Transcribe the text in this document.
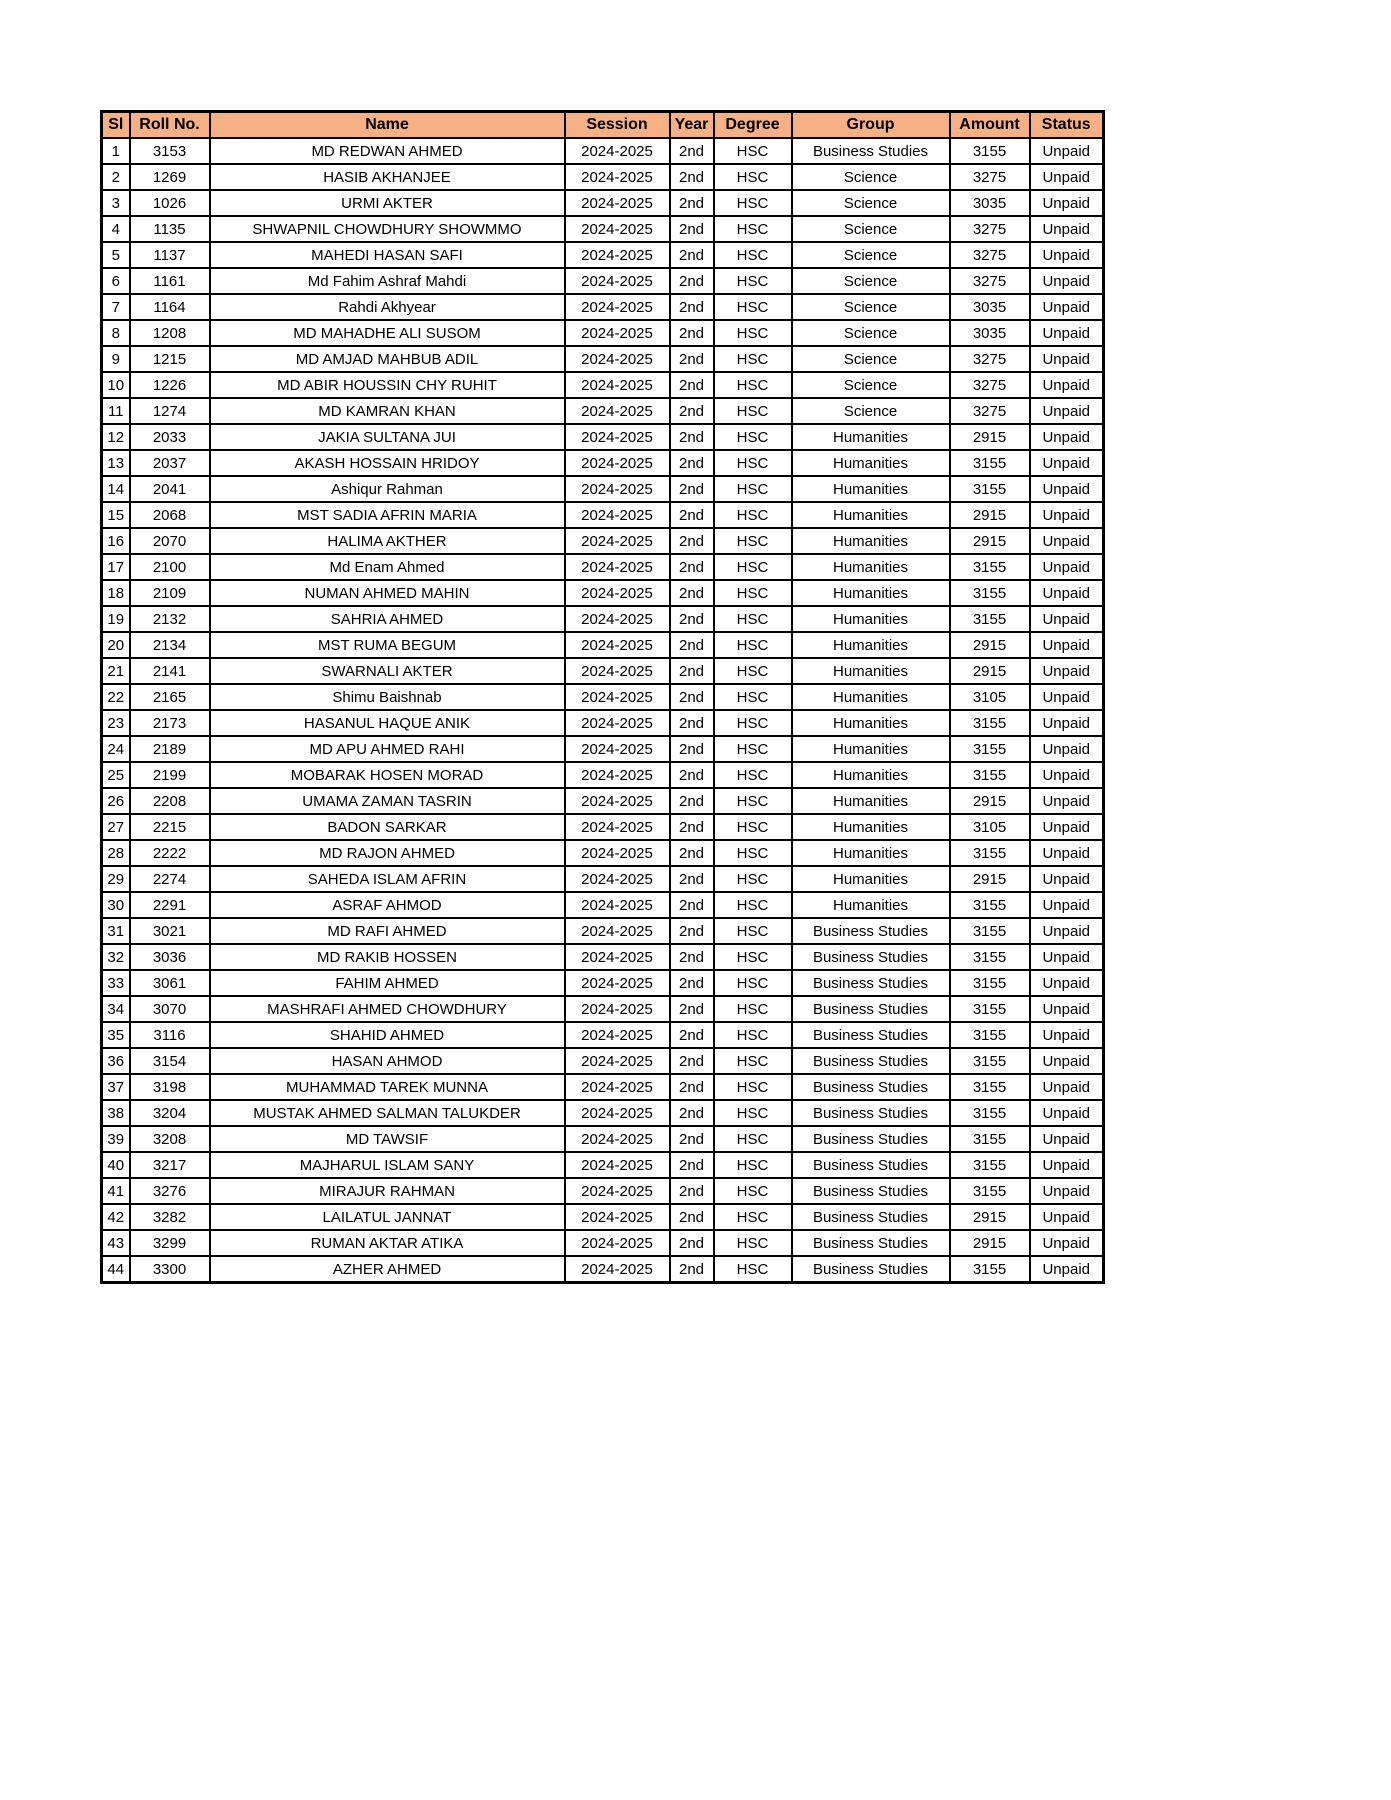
Sl	Roll No.	Name	Session	Year	Degree	Group	Amount	Status
1	3153	MD REDWAN AHMED	2024-2025	2nd	HSC	Business Studies	3155	Unpaid
2	1269	HASIB AKHANJEE	2024-2025	2nd	HSC	Science	3275	Unpaid
3	1026	URMI AKTER	2024-2025	2nd	HSC	Science	3035	Unpaid
4	1135	SHWAPNIL CHOWDHURY SHOWMMO	2024-2025	2nd	HSC	Science	3275	Unpaid
5	1137	MAHEDI HASAN SAFI	2024-2025	2nd	HSC	Science	3275	Unpaid
6	1161	Md Fahim Ashraf Mahdi	2024-2025	2nd	HSC	Science	3275	Unpaid
7	1164	Rahdi Akhyear	2024-2025	2nd	HSC	Science	3035	Unpaid
8	1208	MD MAHADHE ALI SUSOM	2024-2025	2nd	HSC	Science	3035	Unpaid
9	1215	MD AMJAD MAHBUB ADIL	2024-2025	2nd	HSC	Science	3275	Unpaid
10	1226	MD ABIR HOUSSIN CHY RUHIT	2024-2025	2nd	HSC	Science	3275	Unpaid
11	1274	MD KAMRAN KHAN	2024-2025	2nd	HSC	Science	3275	Unpaid
12	2033	JAKIA SULTANA JUI	2024-2025	2nd	HSC	Humanities	2915	Unpaid
13	2037	AKASH HOSSAIN HRIDOY	2024-2025	2nd	HSC	Humanities	3155	Unpaid
14	2041	Ashiqur Rahman	2024-2025	2nd	HSC	Humanities	3155	Unpaid
15	2068	MST SADIA AFRIN MARIA	2024-2025	2nd	HSC	Humanities	2915	Unpaid
16	2070	HALIMA AKTHER	2024-2025	2nd	HSC	Humanities	2915	Unpaid
17	2100	Md Enam Ahmed	2024-2025	2nd	HSC	Humanities	3155	Unpaid
18	2109	NUMAN AHMED MAHIN	2024-2025	2nd	HSC	Humanities	3155	Unpaid
19	2132	SAHRIA AHMED	2024-2025	2nd	HSC	Humanities	3155	Unpaid
20	2134	MST RUMA BEGUM	2024-2025	2nd	HSC	Humanities	2915	Unpaid
21	2141	SWARNALI AKTER	2024-2025	2nd	HSC	Humanities	2915	Unpaid
22	2165	Shimu Baishnab	2024-2025	2nd	HSC	Humanities	3105	Unpaid
23	2173	HASANUL HAQUE ANIK	2024-2025	2nd	HSC	Humanities	3155	Unpaid
24	2189	MD APU AHMED RAHI	2024-2025	2nd	HSC	Humanities	3155	Unpaid
25	2199	MOBARAK HOSEN MORAD	2024-2025	2nd	HSC	Humanities	3155	Unpaid
26	2208	UMAMA ZAMAN TASRIN	2024-2025	2nd	HSC	Humanities	2915	Unpaid
27	2215	BADON SARKAR	2024-2025	2nd	HSC	Humanities	3105	Unpaid
28	2222	MD RAJON AHMED	2024-2025	2nd	HSC	Humanities	3155	Unpaid
29	2274	SAHEDA ISLAM AFRIN	2024-2025	2nd	HSC	Humanities	2915	Unpaid
30	2291	ASRAF AHMOD	2024-2025	2nd	HSC	Humanities	3155	Unpaid
31	3021	MD RAFI AHMED	2024-2025	2nd	HSC	Business Studies	3155	Unpaid
32	3036	MD RAKIB HOSSEN	2024-2025	2nd	HSC	Business Studies	3155	Unpaid
33	3061	FAHIM AHMED	2024-2025	2nd	HSC	Business Studies	3155	Unpaid
34	3070	MASHRAFI AHMED CHOWDHURY	2024-2025	2nd	HSC	Business Studies	3155	Unpaid
35	3116	SHAHID AHMED	2024-2025	2nd	HSC	Business Studies	3155	Unpaid
36	3154	HASAN AHMOD	2024-2025	2nd	HSC	Business Studies	3155	Unpaid
37	3198	MUHAMMAD TAREK MUNNA	2024-2025	2nd	HSC	Business Studies	3155	Unpaid
38	3204	MUSTAK AHMED SALMAN TALUKDER	2024-2025	2nd	HSC	Business Studies	3155	Unpaid
39	3208	MD TAWSIF	2024-2025	2nd	HSC	Business Studies	3155	Unpaid
40	3217	MAJHARUL ISLAM SANY	2024-2025	2nd	HSC	Business Studies	3155	Unpaid
41	3276	MIRAJUR RAHMAN	2024-2025	2nd	HSC	Business Studies	3155	Unpaid
42	3282	LAILATUL JANNAT	2024-2025	2nd	HSC	Business Studies	2915	Unpaid
43	3299	RUMAN AKTAR ATIKA	2024-2025	2nd	HSC	Business Studies	2915	Unpaid
44	3300	AZHER AHMED	2024-2025	2nd	HSC	Business Studies	3155	Unpaid
